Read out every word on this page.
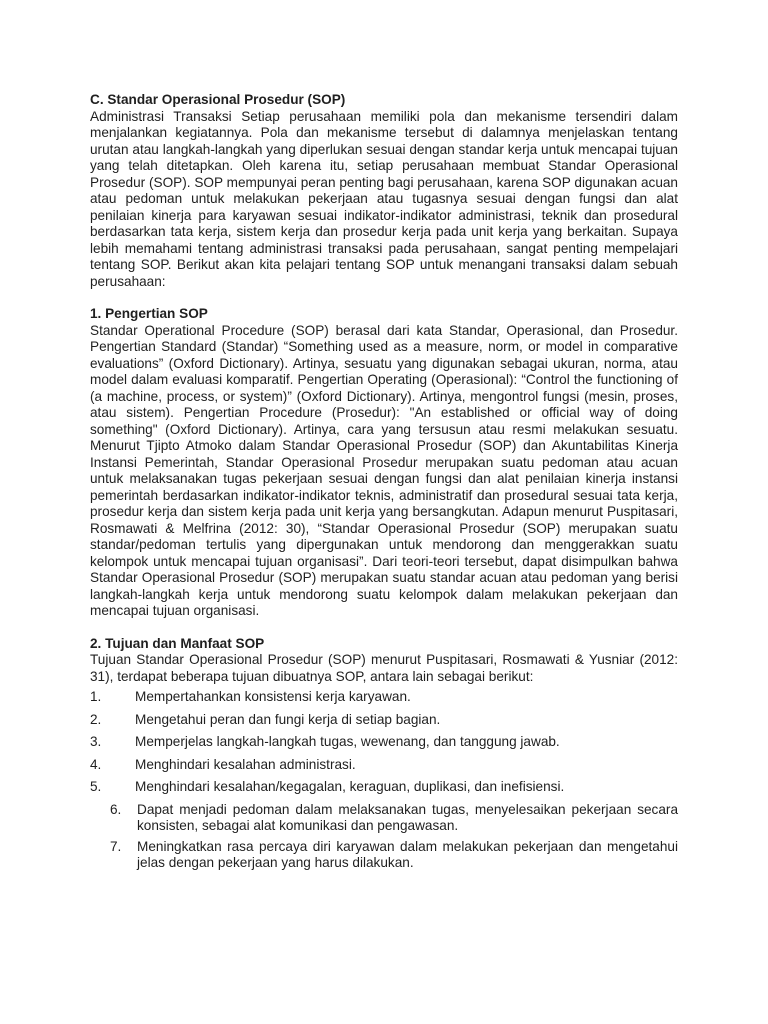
C. Standar Operasional Prosedur (SOP)

Administrasi Transaksi Setiap perusahaan memiliki pola dan mekanisme tersendiri dalam menjalankan kegiatannya. Pola dan mekanisme tersebut di dalamnya menjelaskan tentang urutan atau langkah-langkah yang diperlukan sesuai dengan standar kerja untuk mencapai tujuan yang telah ditetapkan. Oleh karena itu, setiap perusahaan membuat Standar Operasional Prosedur (SOP). SOP mempunyai peran penting bagi perusahaan, karena SOP digunakan acuan atau pedoman untuk melakukan pekerjaan atau tugasnya sesuai dengan fungsi dan alat penilaian kinerja para karyawan sesuai indikator-indikator administrasi, teknik dan prosedural berdasarkan tata kerja, sistem kerja dan prosedur kerja pada unit kerja yang berkaitan. Supaya lebih memahami tentang administrasi transaksi pada perusahaan, sangat penting mempelajari tentang SOP. Berikut akan kita pelajari tentang SOP untuk menangani transaksi dalam sebuah perusahaan:

1. Pengertian SOP

Standar Operational Procedure (SOP) berasal dari kata Standar, Operasional, dan Prosedur. Pengertian Standard (Standar) “Something used as a measure, norm, or model in comparative evaluations” (Oxford Dictionary). Artinya, sesuatu yang digunakan sebagai ukuran, norma, atau model dalam evaluasi komparatif. Pengertian Operating (Operasional): “Control the functioning of (a machine, process, or system)” (Oxford Dictionary). Artinya, mengontrol fungsi (mesin, proses, atau sistem). Pengertian Procedure (Prosedur): "An established or official way of doing something" (Oxford Dictionary). Artinya, cara yang tersusun atau resmi melakukan sesuatu. Menurut Tjipto Atmoko dalam Standar Operasional Prosedur (SOP) dan Akuntabilitas Kinerja Instansi Pemerintah, Standar Operasional Prosedur merupakan suatu pedoman atau acuan untuk melaksanakan tugas pekerjaan sesuai dengan fungsi dan alat penilaian kinerja instansi pemerintah berdasarkan indikator-indikator teknis, administratif dan prosedural sesuai tata kerja, prosedur kerja dan sistem kerja pada unit kerja yang bersangkutan. Adapun menurut Puspitasari, Rosmawati & Melfrina (2012: 30), “Standar Operasional Prosedur (SOP) merupakan suatu standar/pedoman tertulis yang dipergunakan untuk mendorong dan menggerakkan suatu kelompok untuk mencapai tujuan organisasi”. Dari teori-teori tersebut, dapat disimpulkan bahwa Standar Operasional Prosedur (SOP) merupakan suatu standar acuan atau pedoman yang berisi langkah-langkah kerja untuk mendorong suatu kelompok dalam melakukan pekerjaan dan mencapai tujuan organisasi.

2. Tujuan dan Manfaat SOP

Tujuan Standar Operasional Prosedur (SOP) menurut Puspitasari, Rosmawati & Yusniar (2012: 31), terdapat beberapa tujuan dibuatnya SOP, antara lain sebagai berikut:

1.	Mempertahankan konsistensi kerja karyawan.
2.	Mengetahui peran dan fungi kerja di setiap bagian.
3.	Memperjelas langkah-langkah tugas, wewenang, dan tanggung jawab.
4.	Menghindari kesalahan administrasi.
5.	Menghindari kesalahan/kegagalan, keraguan, duplikasi, dan inefisiensi.
6.	Dapat menjadi pedoman dalam melaksanakan tugas, menyelesaikan pekerjaan secara konsisten, sebagai alat komunikasi dan pengawasan.
7.	Meningkatkan rasa percaya diri karyawan dalam melakukan pekerjaan dan mengetahui jelas dengan pekerjaan yang harus dilakukan.
